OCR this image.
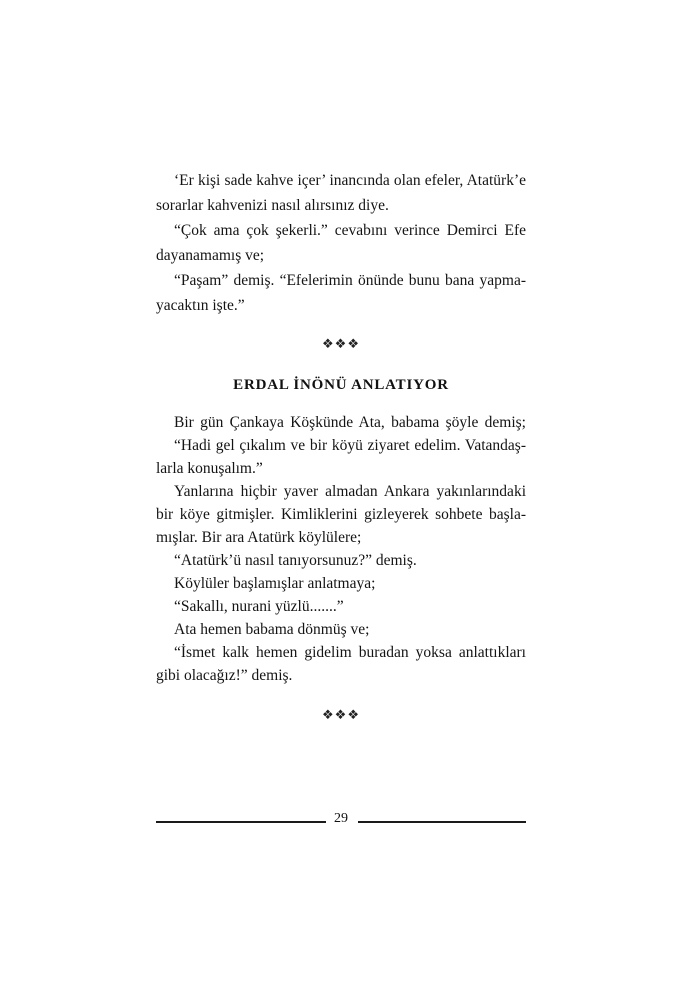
‘Er kişi sade kahve içer’ inancında olan efeler, Atatürk’e
sorarlar kahvenizi nasıl alırsınız diye.
“Çok ama çok şekerli.” cevabını verince Demirci Efe
dayanamamış ve;
“Paşam” demiş. “Efelerimin önünde bunu bana yapma-
yacaktın işte.”
❖❖❖
ERDAL İNÖNÜ ANLATIYOR
Bir gün Çankaya Köşkünde Ata, babama şöyle demiş;
“Hadi gel çıkalım ve bir köyü ziyaret edelim. Vatandaş-
larla konuşalım.”
Yanlarına hiçbir yaver almadan Ankara yakınlarındaki
bir köye gitmişler. Kimliklerini gizleyerek sohbete başla-
mışlar. Bir ara Atatürk köylülere;
“Atatürk’ü nasıl tanıyorsunuz?” demiş.
Köylüler başlamışlar anlatmaya;
“Sakallı, nurani yüzlü.......”
Ata hemen babama dönmüş ve;
“İsmet kalk hemen gidelim buradan yoksa anlattıkları
gibi olacağız!” demiş.
❖❖❖
29
